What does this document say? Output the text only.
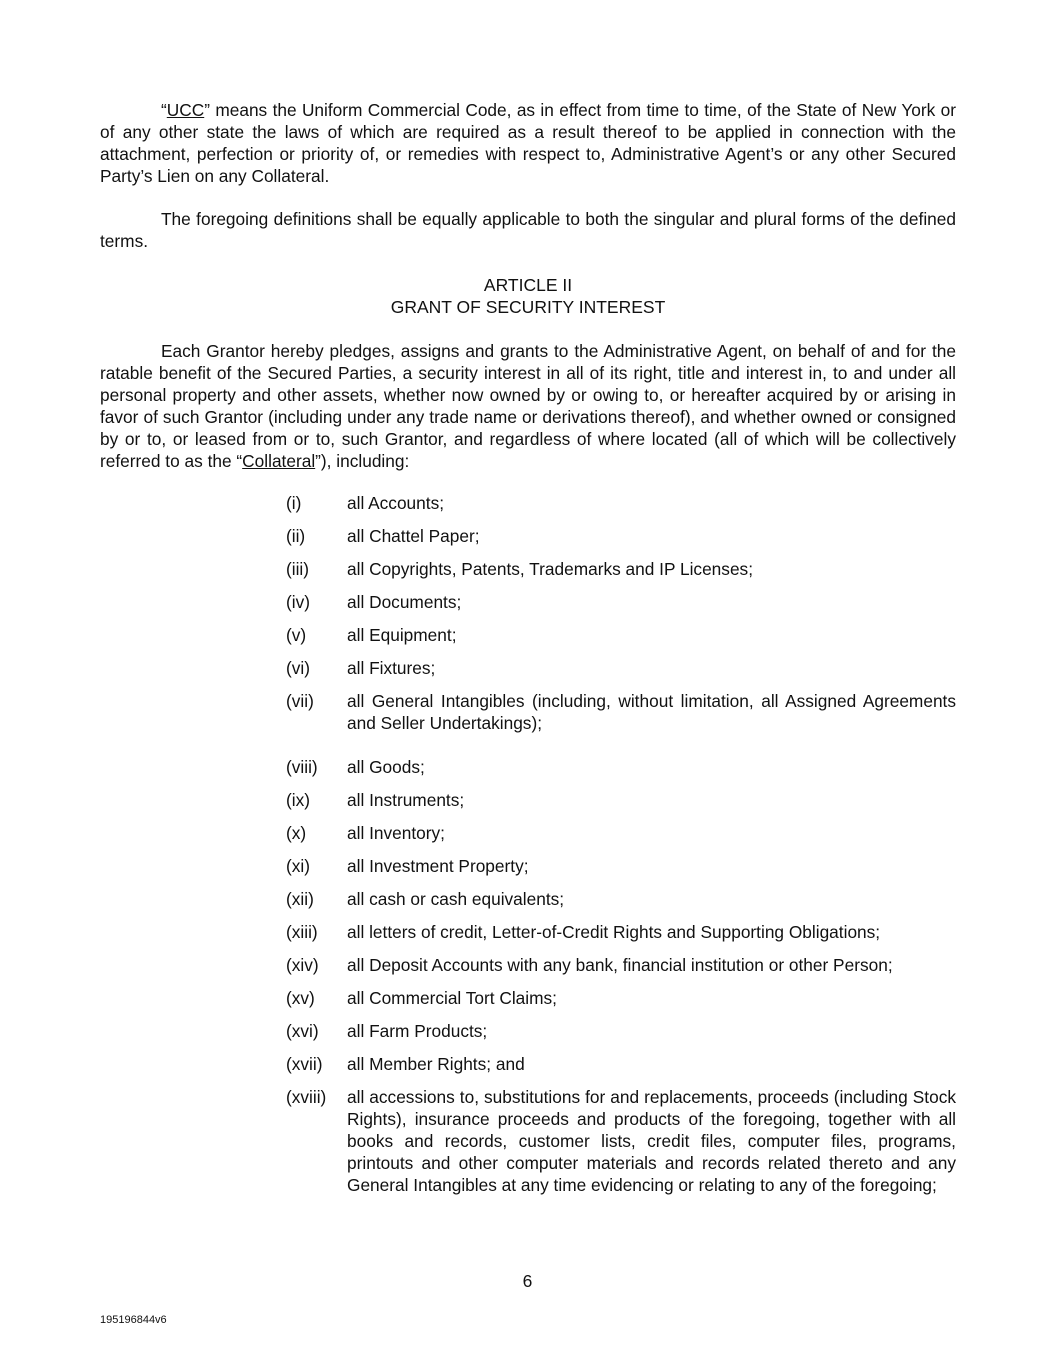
“UCC” means the Uniform Commercial Code, as in effect from time to time, of the State of New York or of any other state the laws of which are required as a result thereof to be applied in connection with the attachment, perfection or priority of, or remedies with respect to, Administrative Agent’s or any other Secured Party’s Lien on any Collateral.

The foregoing definitions shall be equally applicable to both the singular and plural forms of the defined terms.

ARTICLE II
GRANT OF SECURITY INTEREST

Each Grantor hereby pledges, assigns and grants to the Administrative Agent, on behalf of and for the ratable benefit of the Secured Parties, a security interest in all of its right, title and interest in, to and under all personal property and other assets, whether now owned by or owing to, or hereafter acquired by or arising in favor of such Grantor (including under any trade name or derivations thereof), and whether owned or consigned by or to, or leased from or to, such Grantor, and regardless of where located (all of which will be collectively referred to as the “Collateral”), including:

(i)	all Accounts;
(ii)	all Chattel Paper;
(iii)	all Copyrights, Patents, Trademarks and IP Licenses;
(iv)	all Documents;
(v)	all Equipment;
(vi)	all Fixtures;
(vii)	all General Intangibles (including, without limitation, all Assigned Agreements and Seller Undertakings);
(viii)	all Goods;
(ix)	all Instruments;
(x)	all Inventory;
(xi)	all Investment Property;
(xii)	all cash or cash equivalents;
(xiii)	all letters of credit, Letter-of-Credit Rights and Supporting Obligations;
(xiv)	all Deposit Accounts with any bank, financial institution or other Person;
(xv)	all Commercial Tort Claims;
(xvi)	all Farm Products;
(xvii)	all Member Rights; and
(xviii)	all accessions to, substitutions for and replacements, proceeds (including Stock Rights), insurance proceeds and products of the foregoing, together with all books and records, customer lists, credit files, computer files, programs, printouts and other computer materials and records related thereto and any General Intangibles at any time evidencing or relating to any of the foregoing;
6
195196844v6
